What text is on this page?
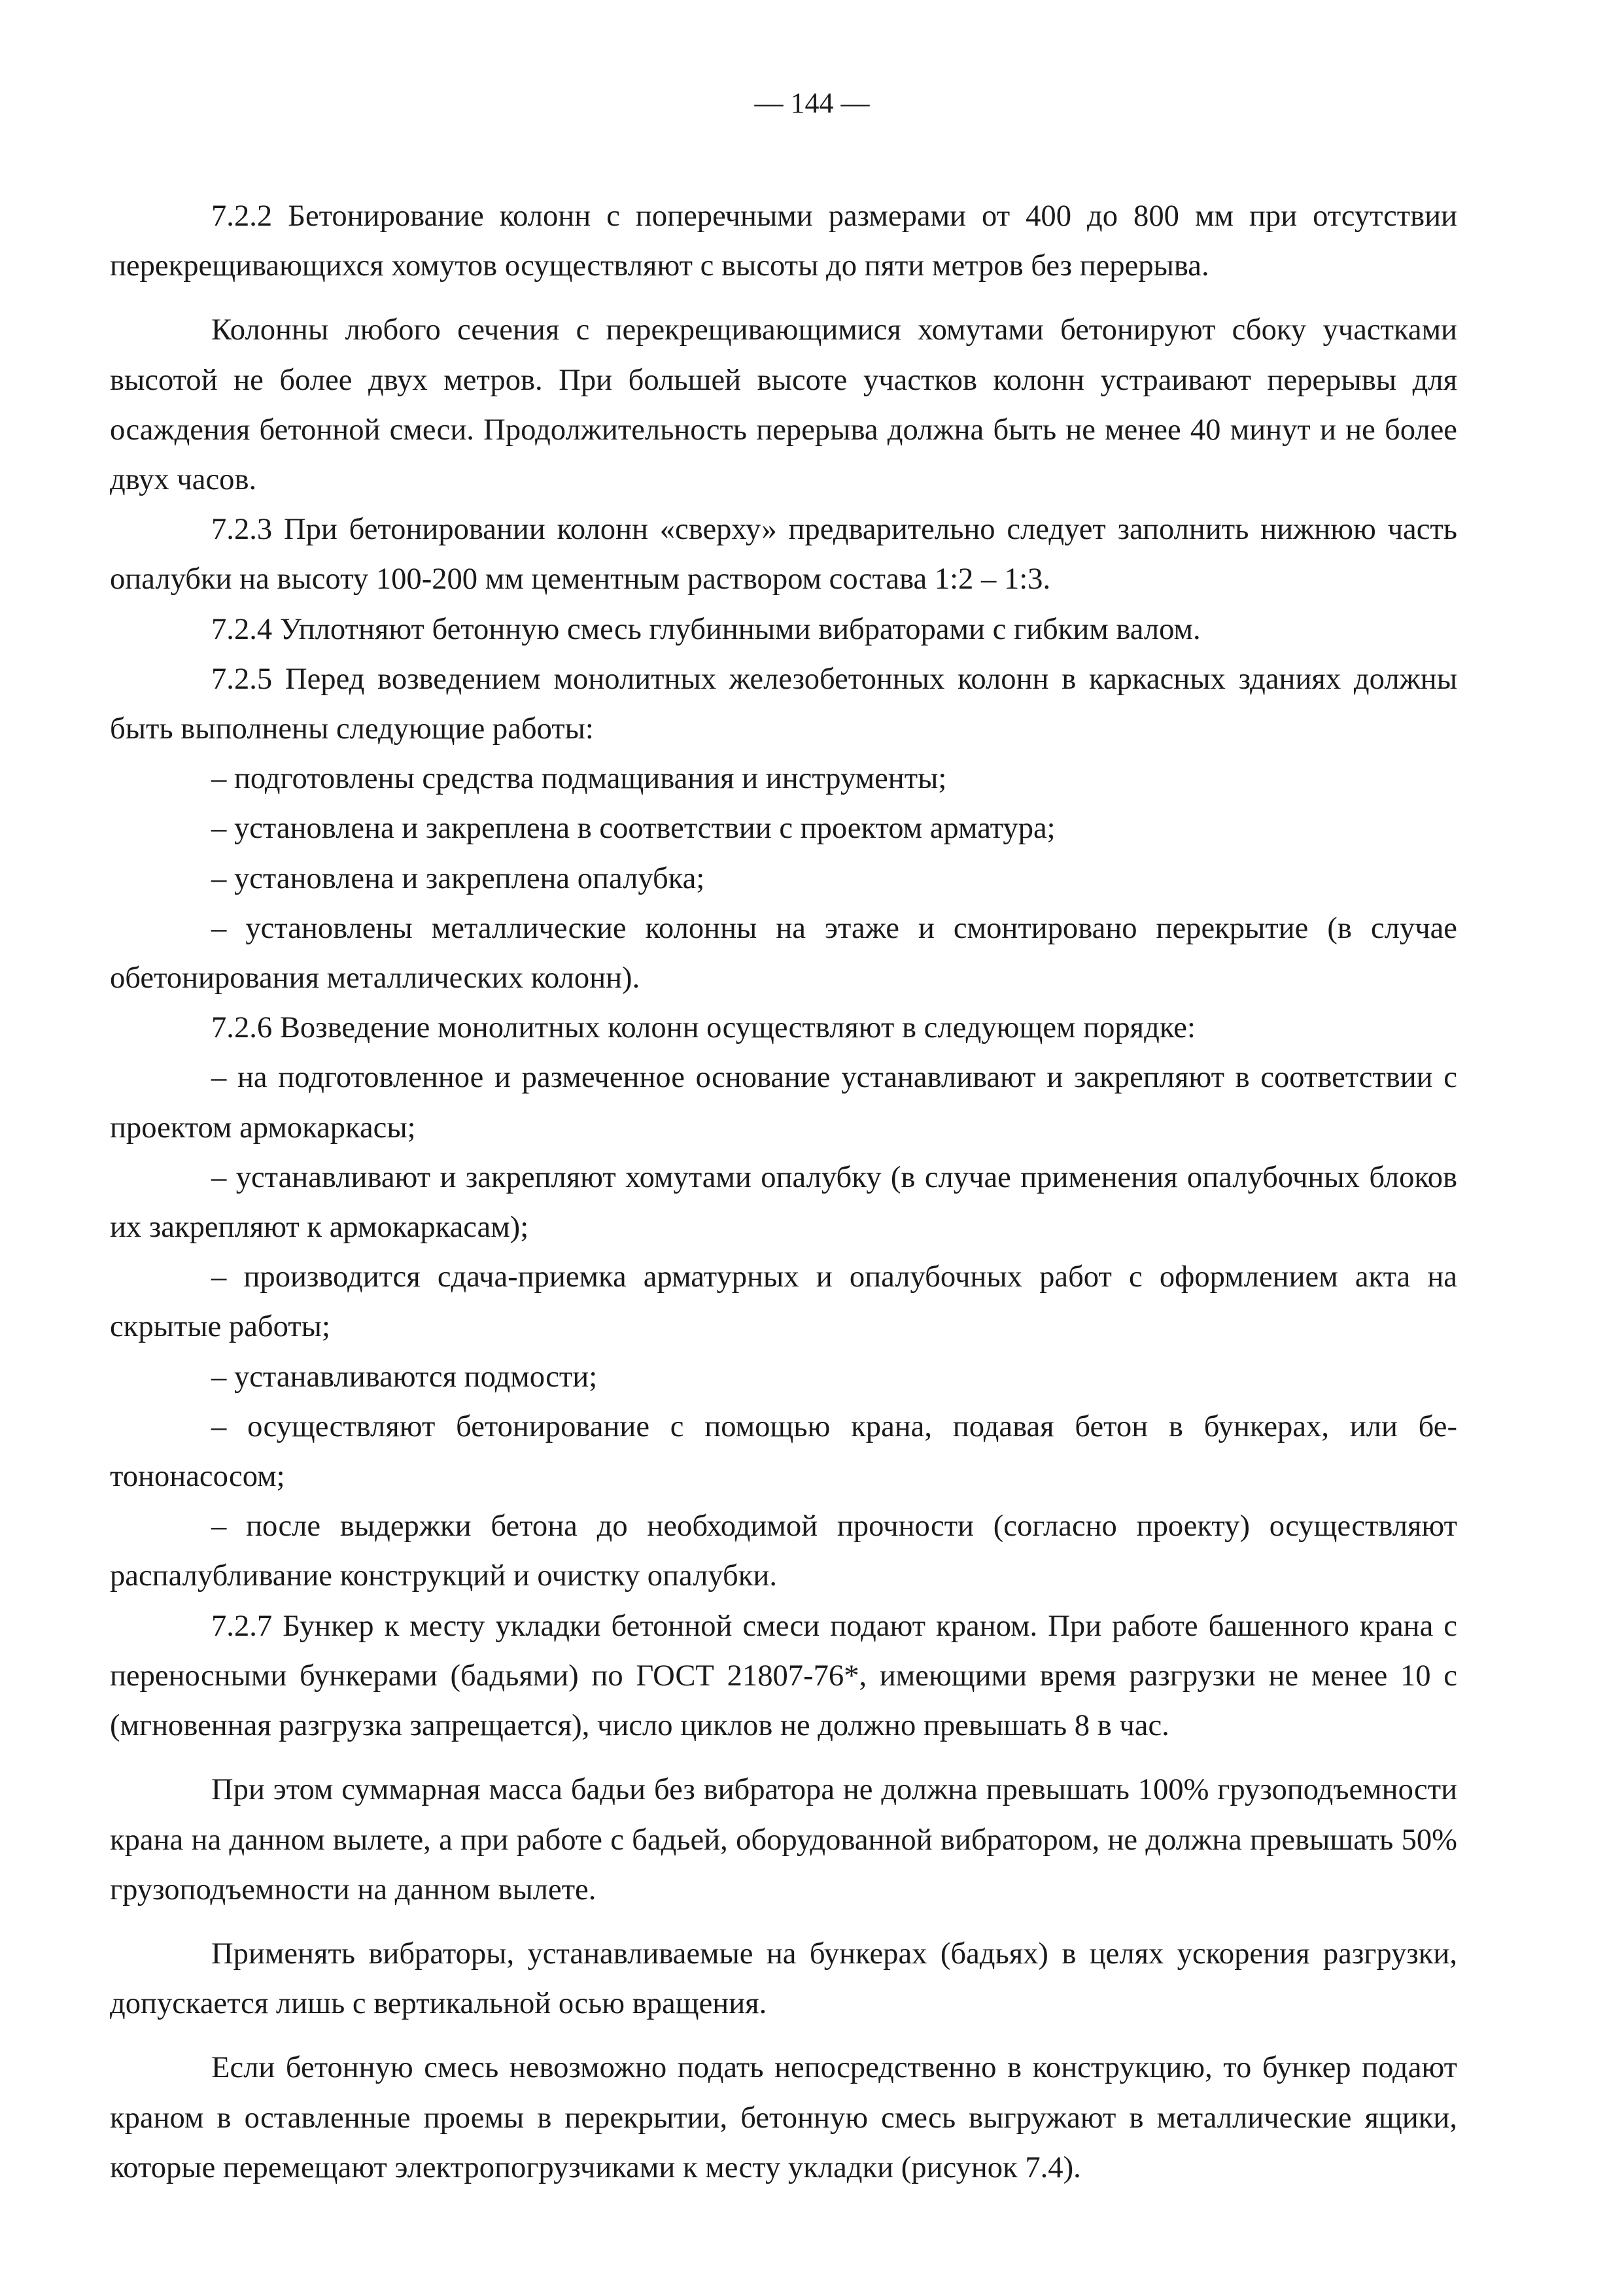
— 144 —

7.2.2 Бетонирование колонн с поперечными размерами от 400 до 800 мм при отсутствии перекрещивающихся хомутов осуществляют с высоты до пяти метров без перерыва.

Колонны любого сечения с перекрещивающимися хомутами бетонируют сбоку участками высотой не более двух метров. При большей высоте участков колонн устраивают перерывы для осаждения бетонной смеси. Продолжительность перерыва должна быть не менее 40 минут и не более двух часов.

7.2.3 При бетонировании колонн «сверху» предварительно следует заполнить нижнюю часть опалубки на высоту 100-200 мм цементным раствором состава 1:2 – 1:3.

7.2.4 Уплотняют бетонную смесь глубинными вибраторами с гибким валом.

7.2.5 Перед возведением монолитных железобетонных колонн в каркасных зданиях должны быть выполнены следующие работы:

– подготовлены средства подмащивания и инструменты;

– установлена и закреплена в соответствии с проектом арматура;

– установлена и закреплена опалубка;

– установлены металлические колонны на этаже и смонтировано перекрытие (в случае обетонирования металлических колонн).

7.2.6 Возведение монолитных колонн осуществляют в следующем порядке:

– на подготовленное и размеченное основание устанавливают и закрепляют в соответствии с проектом армокаркасы;

– устанавливают и закрепляют хомутами опалубку (в случае применения опалубочных блоков их закрепляют к армокаркасам);

– производится сдача-приемка арматурных и опалубочных работ с оформлением акта на скрытые работы;

– устанавливаются подмости;

– осуществляют бетонирование с помощью крана, подавая бетон в бункерах, или бетононасосом;

– после выдержки бетона до необходимой прочности (согласно проекту) осуществляют распалубливание конструкций и очистку опалубки.

7.2.7 Бункер к месту укладки бетонной смеси подают краном. При работе башенного крана с переносными бункерами (бадьями) по ГОСТ 21807-76*, имеющими время разгрузки не менее 10 с (мгновенная разгрузка запрещается), число циклов не должно превышать 8 в час.

При этом суммарная масса бадьи без вибратора не должна превышать 100% грузоподъемности крана на данном вылете, а при работе с бадьей, оборудованной вибратором, не должна превышать 50% грузоподъемности на данном вылете.

Применять вибраторы, устанавливаемые на бункерах (бадьях) в целях ускорения разгрузки, допускается лишь с вертикальной осью вращения.

Если бетонную смесь невозможно подать непосредственно в конструкцию, то бункер подают краном в оставленные проемы в перекрытии, бетонную смесь выгружают в металлические ящики, которые перемещают электропогрузчиками к месту укладки (рисунок 7.4).
